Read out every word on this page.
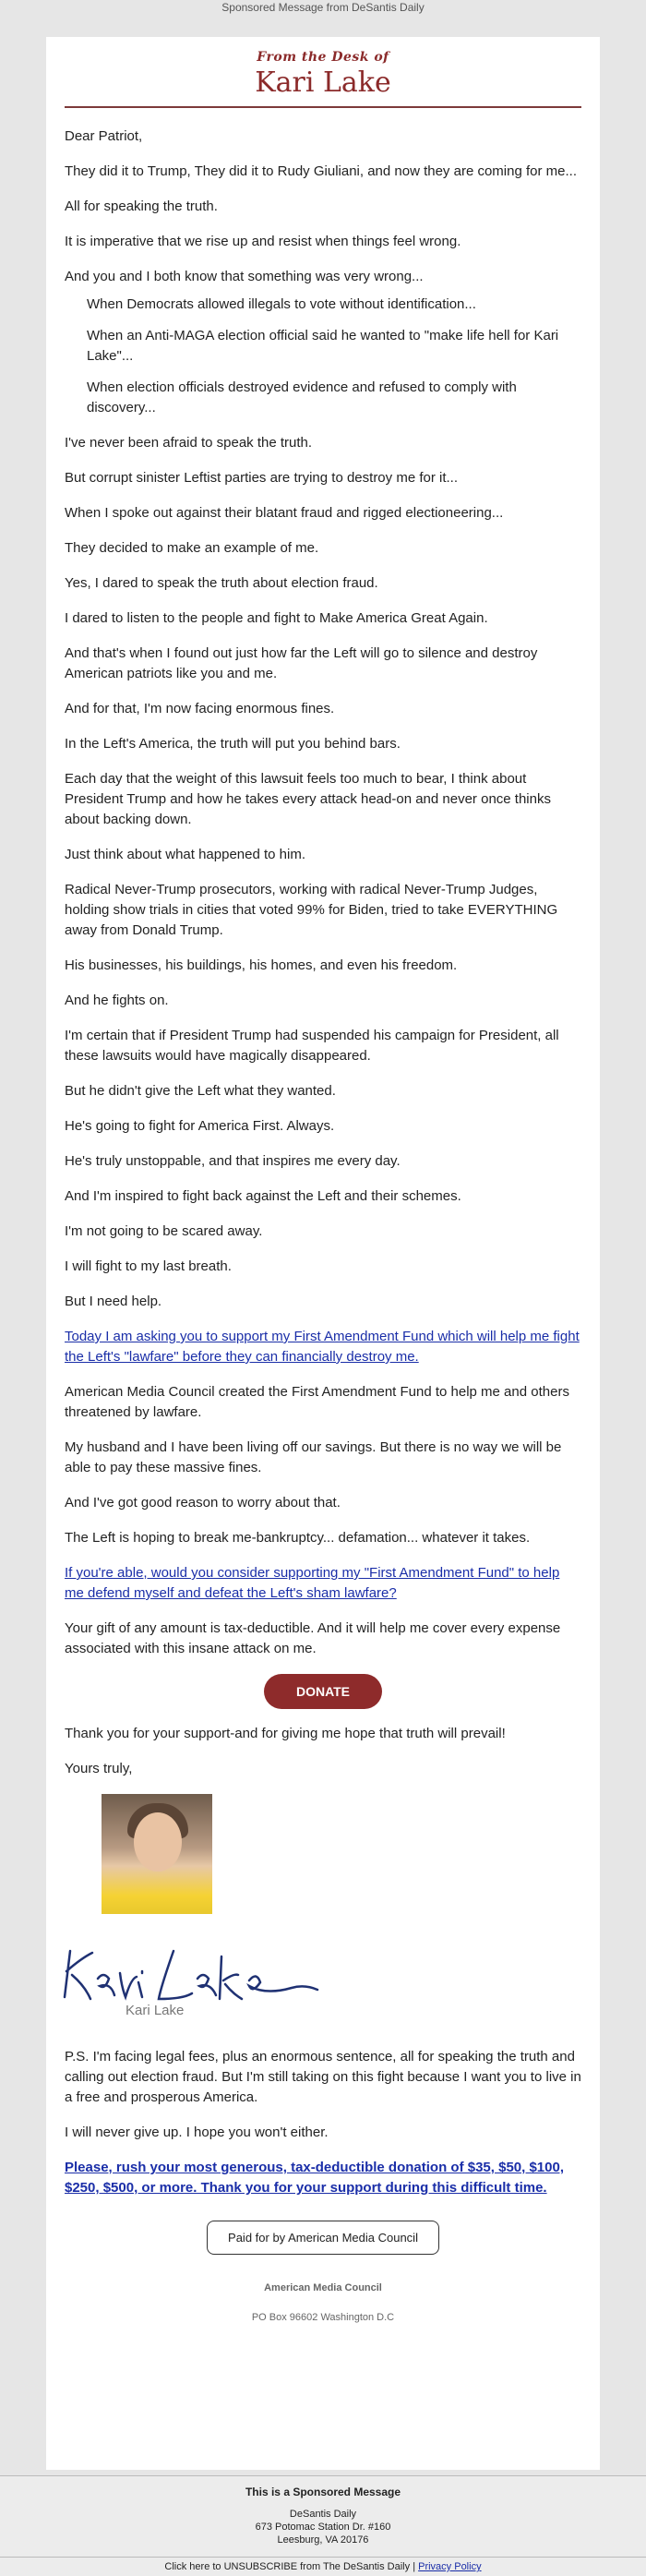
Sponsored Message from DeSantis Daily
From the Desk of
Kari Lake

Dear Patriot,

They did it to Trump, They did it to Rudy Giuliani, and now they are coming for me...

All for speaking the truth.

It is imperative that we rise up and resist when things feel wrong.

And you and I both know that something was very wrong...

When Democrats allowed illegals to vote without identification...

When an Anti-MAGA election official said he wanted to "make life hell for Kari Lake"...

When election officials destroyed evidence and refused to comply with discovery...

I've never been afraid to speak the truth.

But corrupt sinister Leftist parties are trying to destroy me for it...

When I spoke out against their blatant fraud and rigged electioneering...

They decided to make an example of me.

Yes, I dared to speak the truth about election fraud.

I dared to listen to the people and fight to Make America Great Again.

And that's when I found out just how far the Left will go to silence and destroy American patriots like you and me.

And for that, I'm now facing enormous fines.

In the Left's America, the truth will put you behind bars.

Each day that the weight of this lawsuit feels too much to bear, I think about President Trump and how he takes every attack head-on and never once thinks about backing down.

Just think about what happened to him.

Radical Never-Trump prosecutors, working with radical Never-Trump Judges, holding show trials in cities that voted 99% for Biden, tried to take EVERYTHING away from Donald Trump.

His businesses, his buildings, his homes, and even his freedom.

And he fights on.

I'm certain that if President Trump had suspended his campaign for President, all these lawsuits would have magically disappeared.

But he didn't give the Left what they wanted.

He's going to fight for America First. Always.

He's truly unstoppable, and that inspires me every day.

And I'm inspired to fight back against the Left and their schemes.

I'm not going to be scared away.

I will fight to my last breath.

But I need help.

Today I am asking you to support my First Amendment Fund which will help me fight the Left's "lawfare" before they can financially destroy me.

American Media Council created the First Amendment Fund to help me and others threatened by lawfare.

My husband and I have been living off our savings. But there is no way we will be able to pay these massive fines.

And I've got good reason to worry about that.

The Left is hoping to break me-bankruptcy... defamation... whatever it takes.

If you're able, would you consider supporting my "First Amendment Fund" to help me defend myself and defeat the Left's sham lawfare?

Your gift of any amount is tax-deductible. And it will help me cover every expense associated with this insane attack on me.

DONATE

Thank you for your support-and for giving me hope that truth will prevail!

Yours truly,

Kari Lake

P.S. I'm facing legal fees, plus an enormous sentence, all for speaking the truth and calling out election fraud. But I'm still taking on this fight because I want you to live in a free and prosperous America.

I will never give up. I hope you won't either.

Please, rush your most generous, tax-deductible donation of $35, $50, $100, $250, $500, or more. Thank you for your support during this difficult time.

Paid for by American Media Council
American Media Council
PO Box 96602 Washington D.C
This is a Sponsored Message
DeSantis Daily
673 Potomac Station Dr. #160
Leesburg, VA 20176
Click here to UNSUBSCRIBE from The DeSantis Daily | Privacy Policy
